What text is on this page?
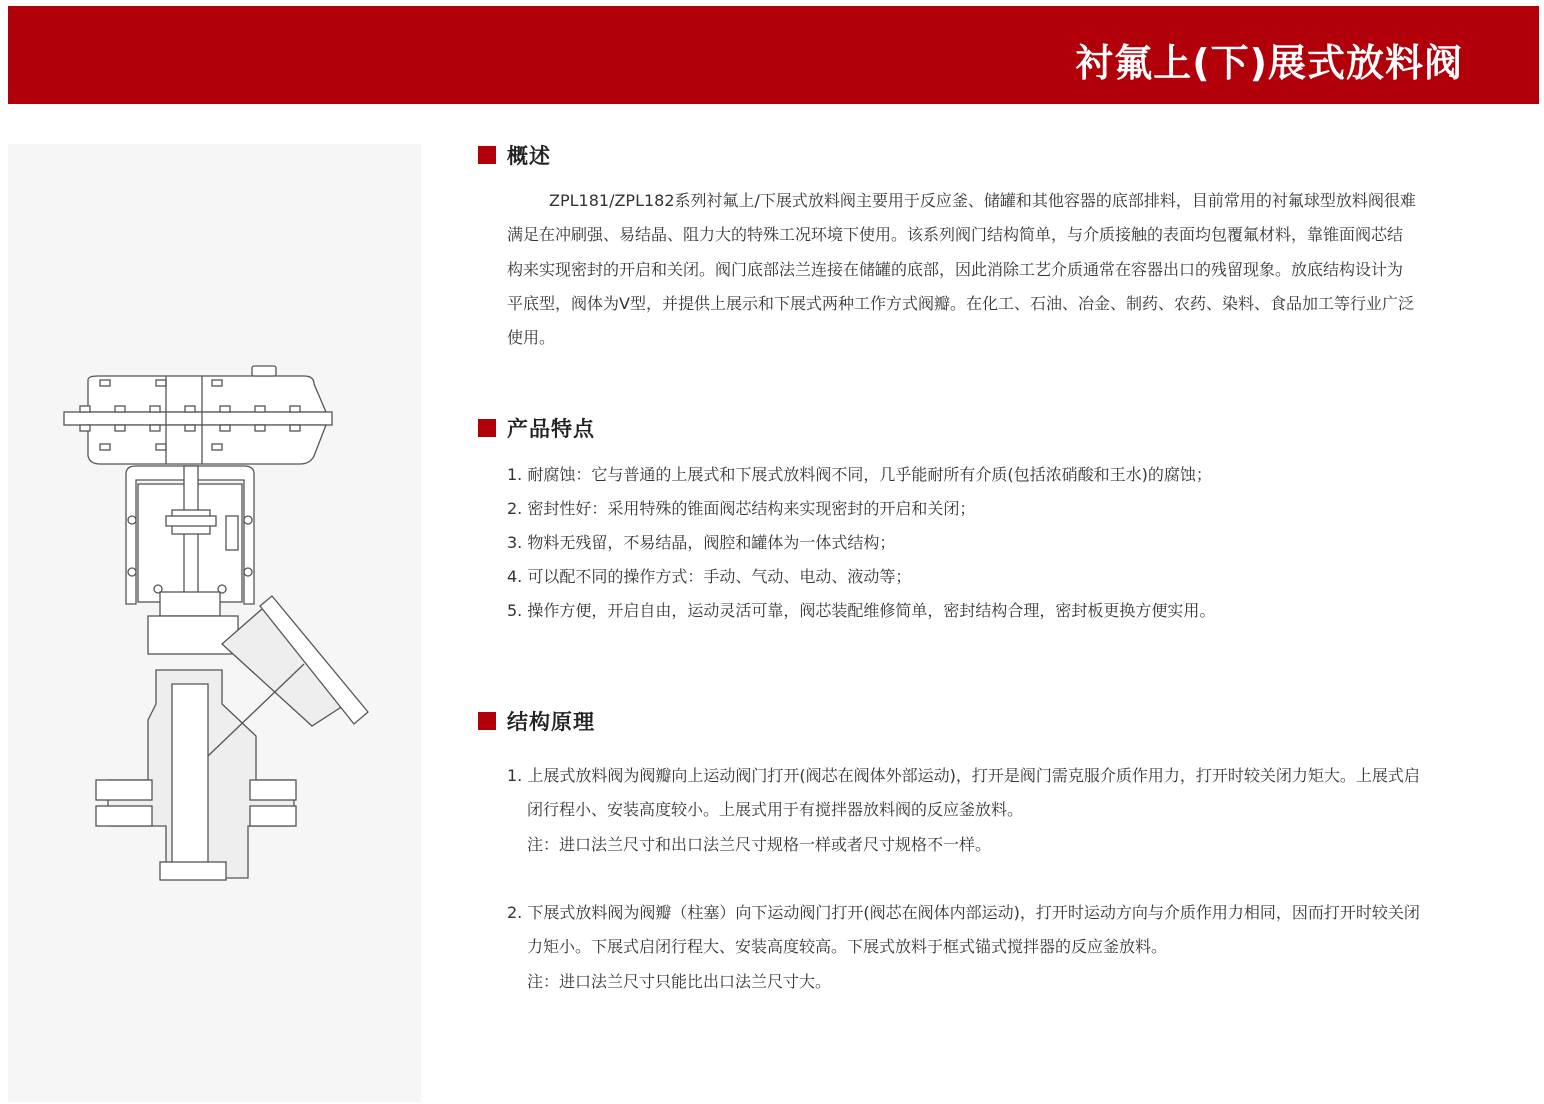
衬氟上(下)展式放料阀
概述
ZPL181/ZPL182系列衬氟上/下展式放料阀主要用于反应釜、储罐和其他容器的底部排料，目前常用的衬氟球型放料阀很难
满足在冲刷强、易结晶、阻力大的特殊工况环境下使用。该系列阀门结构简单，与介质接触的表面均包覆氟材料，靠锥面阀芯结
构来实现密封的开启和关闭。阀门底部法兰连接在储罐的底部，因此消除工艺介质通常在容器出口的残留现象。放底结构设计为
平底型，阀体为V型，并提供上展示和下展式两种工作方式阀瓣。在化工、石油、冶金、制药、农药、染料、食品加工等行业广泛
使用。
产品特点
1. 耐腐蚀：它与普通的上展式和下展式放料阀不同，几乎能耐所有介质(包括浓硝酸和王水)的腐蚀；
2. 密封性好：采用特殊的锥面阀芯结构来实现密封的开启和关闭；
3. 物料无残留，不易结晶，阀腔和罐体为一体式结构；
4. 可以配不同的操作方式：手动、气动、电动、液动等；
5. 操作方便，开启自由，运动灵活可靠，阀芯装配维修简单，密封结构合理，密封板更换方便实用。
结构原理
1. 上展式放料阀为阀瓣向上运动阀门打开(阀芯在阀体外部运动)，打开是阀门需克服介质作用力，打开时较关闭力矩大。上展式启
闭行程小、安装高度较小。上展式用于有搅拌器放料阀的反应釜放料。
注：进口法兰尺寸和出口法兰尺寸规格一样或者尺寸规格不一样。
2. 下展式放料阀为阀瓣（柱塞）向下运动阀门打开(阀芯在阀体内部运动)，打开时运动方向与介质作用力相同，因而打开时较关闭
力矩小。下展式启闭行程大、安装高度较高。下展式放料于框式锚式搅拌器的反应釜放料。
注：进口法兰尺寸只能比出口法兰尺寸大。
